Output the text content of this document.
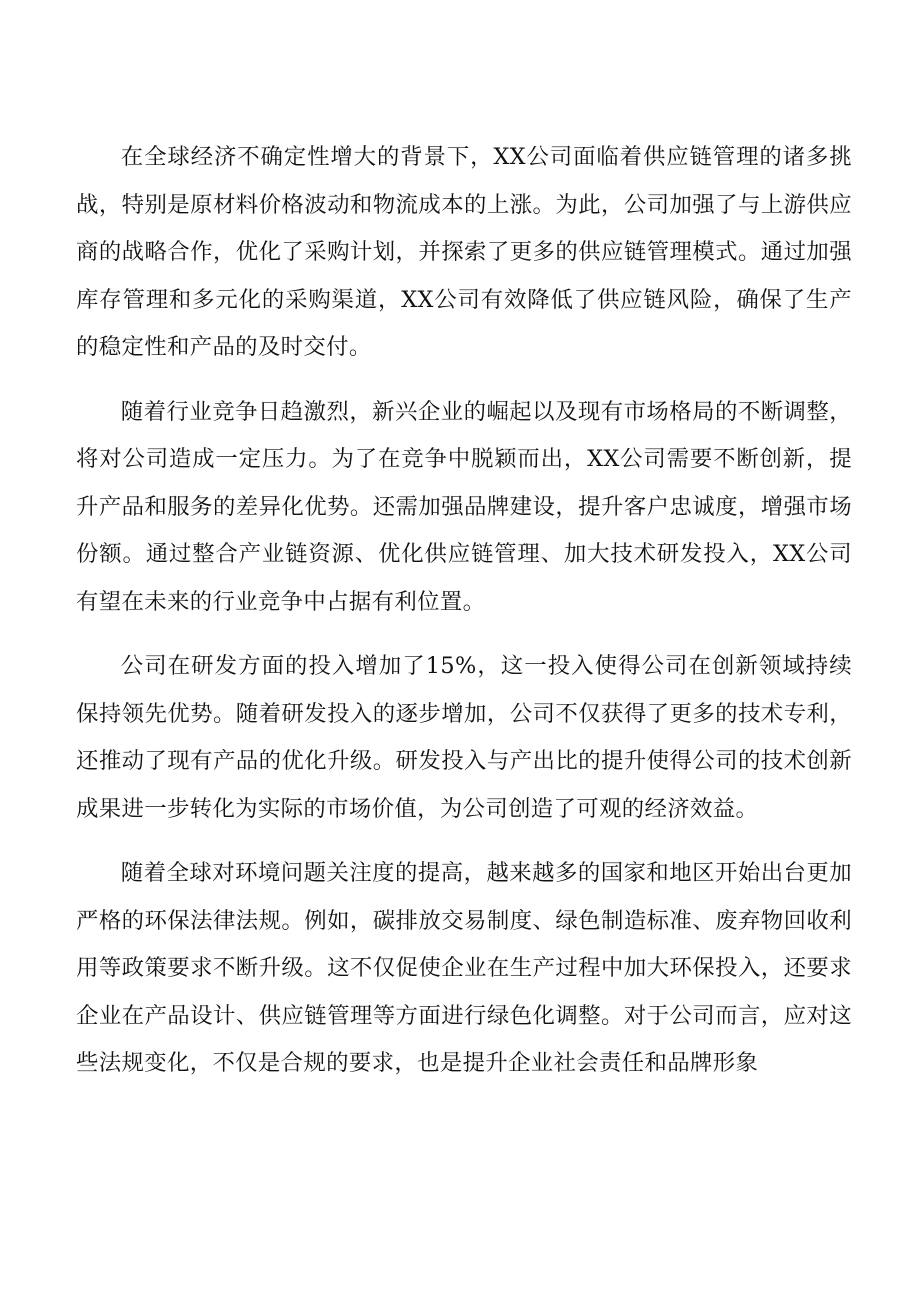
在全球经济不确定性增大的背景下，XX公司面临着供应链管理的诸多挑战，特别是原材料价格波动和物流成本的上涨。为此，公司加强了与上游供应商的战略合作，优化了采购计划，并探索了更多的供应链管理模式。通过加强库存管理和多元化的采购渠道，XX公司有效降低了供应链风险，确保了生产的稳定性和产品的及时交付。

随着行业竞争日趋激烈，新兴企业的崛起以及现有市场格局的不断调整，将对公司造成一定压力。为了在竞争中脱颖而出，XX公司需要不断创新，提升产品和服务的差异化优势。还需加强品牌建设，提升客户忠诚度，增强市场份额。通过整合产业链资源、优化供应链管理、加大技术研发投入，XX公司有望在未来的行业竞争中占据有利位置。

公司在研发方面的投入增加了15%，这一投入使得公司在创新领域持续保持领先优势。随着研发投入的逐步增加，公司不仅获得了更多的技术专利，还推动了现有产品的优化升级。研发投入与产出比的提升使得公司的技术创新成果进一步转化为实际的市场价值，为公司创造了可观的经济效益。

随着全球对环境问题关注度的提高，越来越多的国家和地区开始出台更加严格的环保法律法规。例如，碳排放交易制度、绿色制造标准、废弃物回收利用等政策要求不断升级。这不仅促使企业在生产过程中加大环保投入，还要求企业在产品设计、供应链管理等方面进行绿色化调整。对于公司而言，应对这些法规变化，不仅是合规的要求，也是提升企业社会责任和品牌形象
